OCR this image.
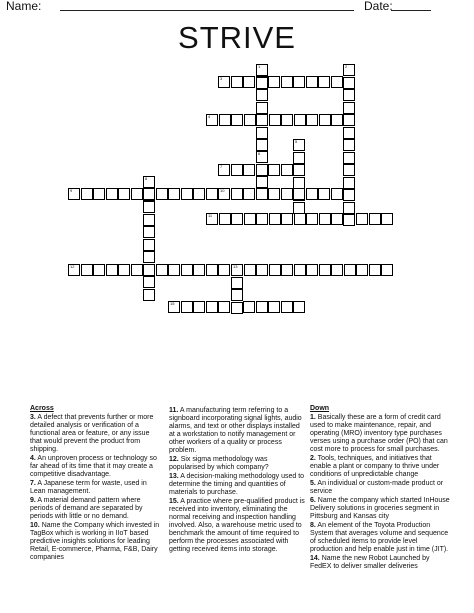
Name:	Date:
STRIVE
3
1	2
4
5
6
7
8
9	10
11
12	13
15
Across
3. A defect that prevents further or more detailed analysis or verification of a functional area or feature, or any issue that would prevent the product from shipping.
4. An unproven process or technology so far ahead of its time that it may create a competitive disadvantage.
7. A Japanese term for waste, used in Lean management.
9. A material demand pattern where periods of demand are separated by periods with little or no demand.
10. Name the Company which invested in TagBox which is working in IIoT based predictive insights solutions for leading Retail, E-commerce, Pharma, F&B, Dairy companies
11. A manufacturing term referring to a signboard incorporating signal lights, audio alarms, and text or other displays installed at a workstation to notify management or other workers of a quality or process problem.
12. Six sigma methodology was popularised by which company?
13. A decision-making methodology used to determine the timing and quantities of materials to purchase.
15. A practice where pre-qualified product is received into inventory, eliminating the normal receiving and inspection handling involved. Also, a warehouse metric used to benchmark the amount of time required to perform the processes associated with getting received items into storage.
Down
1. Basically these are a form of credit card used to make maintenance, repair, and operating (MRO) inventory type purchases verses using a purchase order (PO) that can cost more to process for small purchases.
2. Tools, techniques, and initiatives that enable a plant or company to thrive under conditions of unpredictable change
5. An individual or custom-made product or service
6. Name the company which started InHouse Delivery solutions in groceries segment in Pittsburg and Kansas city
8. An element of the Toyota Production System that averages volume and sequence of scheduled items to provide level production and help enable just in time (JIT).
14. Name the new Robot Launched by FedEX to deliver smaller deliveries
